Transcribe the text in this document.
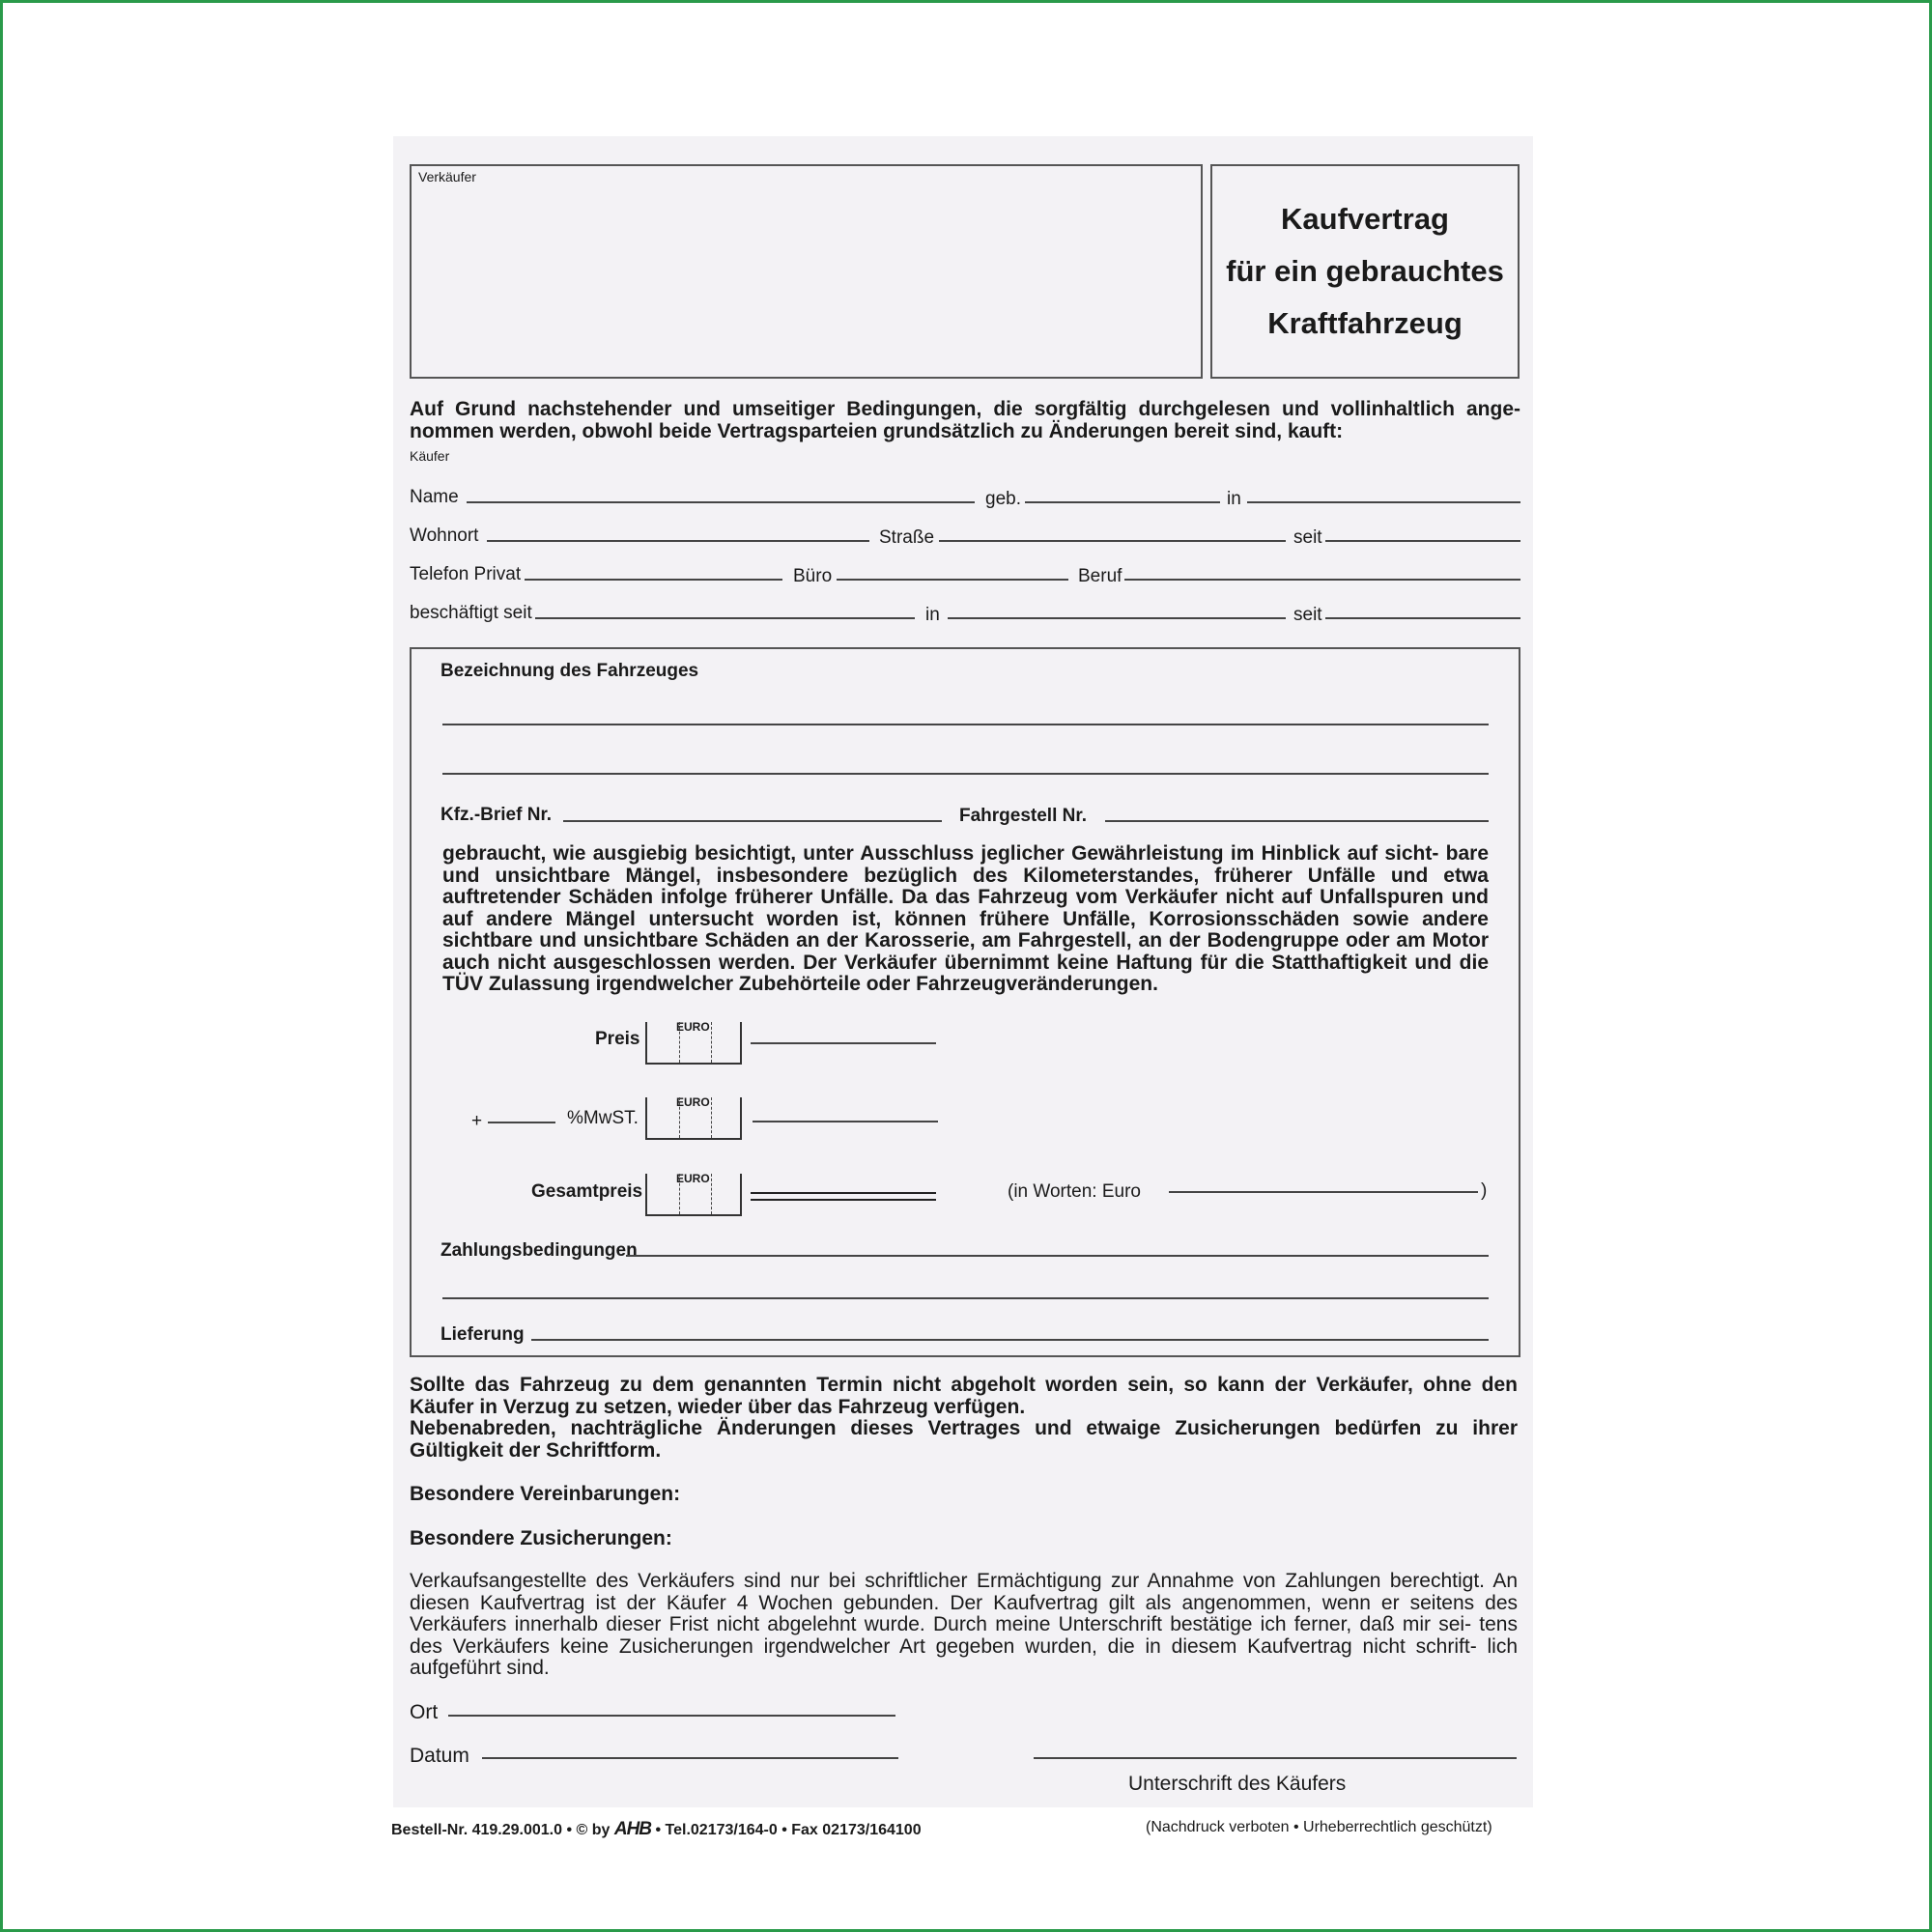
Verkäufer
Kaufvertrag
für ein gebrauchtes
Kraftfahrzeug
Auf Grund nachstehender und umseitiger Bedingungen, die sorgfältig durchgelesen und vollinhaltlich ange- nommen werden, obwohl beide Vertragsparteien grundsätzlich zu Änderungen bereit sind, kauft:
Käufer
Name	geb.	in
Wohnort	Straße	seit
Telefon Privat	Büro	Beruf
beschäftigt seit	in	seit
Bezeichnung des Fahrzeuges
Kfz.-Brief Nr.	Fahrgestell Nr.
gebraucht, wie ausgiebig besichtigt, unter Ausschluss jeglicher Gewährleistung im Hinblick auf sicht- bare und unsichtbare Mängel, insbesondere bezüglich des Kilometerstandes, früherer Unfälle und etwa auftretender Schäden infolge früherer Unfälle. Da das Fahrzeug vom Verkäufer nicht auf Unfallspuren und auf andere Mängel untersucht worden ist, können frühere Unfälle, Korrosionsschäden sowie andere sichtbare und unsichtbare Schäden an der Karosserie, am Fahrgestell, an der Bodengruppe oder am Motor auch nicht ausgeschlossen werden. Der Verkäufer übernimmt keine Haftung für die Statthaftigkeit und die TÜV Zulassung irgendwelcher Zubehörteile oder Fahrzeugveränderungen.
Preis
EURO
+	%MwST.
EURO
Gesamtpreis
EURO
(in Worten: Euro	)
Zahlungsbedingungen
Lieferung
Sollte das Fahrzeug zu dem genannten Termin nicht abgeholt worden sein, so kann der Verkäufer, ohne den Käufer in Verzug zu setzen, wieder über das Fahrzeug verfügen.
Nebenabreden, nachträgliche Änderungen dieses Vertrages und etwaige Zusicherungen bedürfen zu ihrer Gültigkeit der Schriftform.
Besondere Vereinbarungen:
Besondere Zusicherungen:
Verkaufsangestellte des Verkäufers sind nur bei schriftlicher Ermächtigung zur Annahme von Zahlungen berechtigt. An diesen Kaufvertrag ist der Käufer 4 Wochen gebunden. Der Kaufvertrag gilt als angenommen, wenn er seitens des Verkäufers innerhalb dieser Frist nicht abgelehnt wurde. Durch meine Unterschrift bestätige ich ferner, daß mir sei- tens des Verkäufers keine Zusicherungen irgendwelcher Art gegeben wurden, die in diesem Kaufvertrag nicht schrift- lich aufgeführt sind.
Ort
Datum
Unterschrift des Käufers
Bestell-Nr. 419.29.001.0 • © by AHB • Tel.02173/164-0 • Fax 02173/164100	(Nachdruck verboten • Urheberrechtlich geschützt)
